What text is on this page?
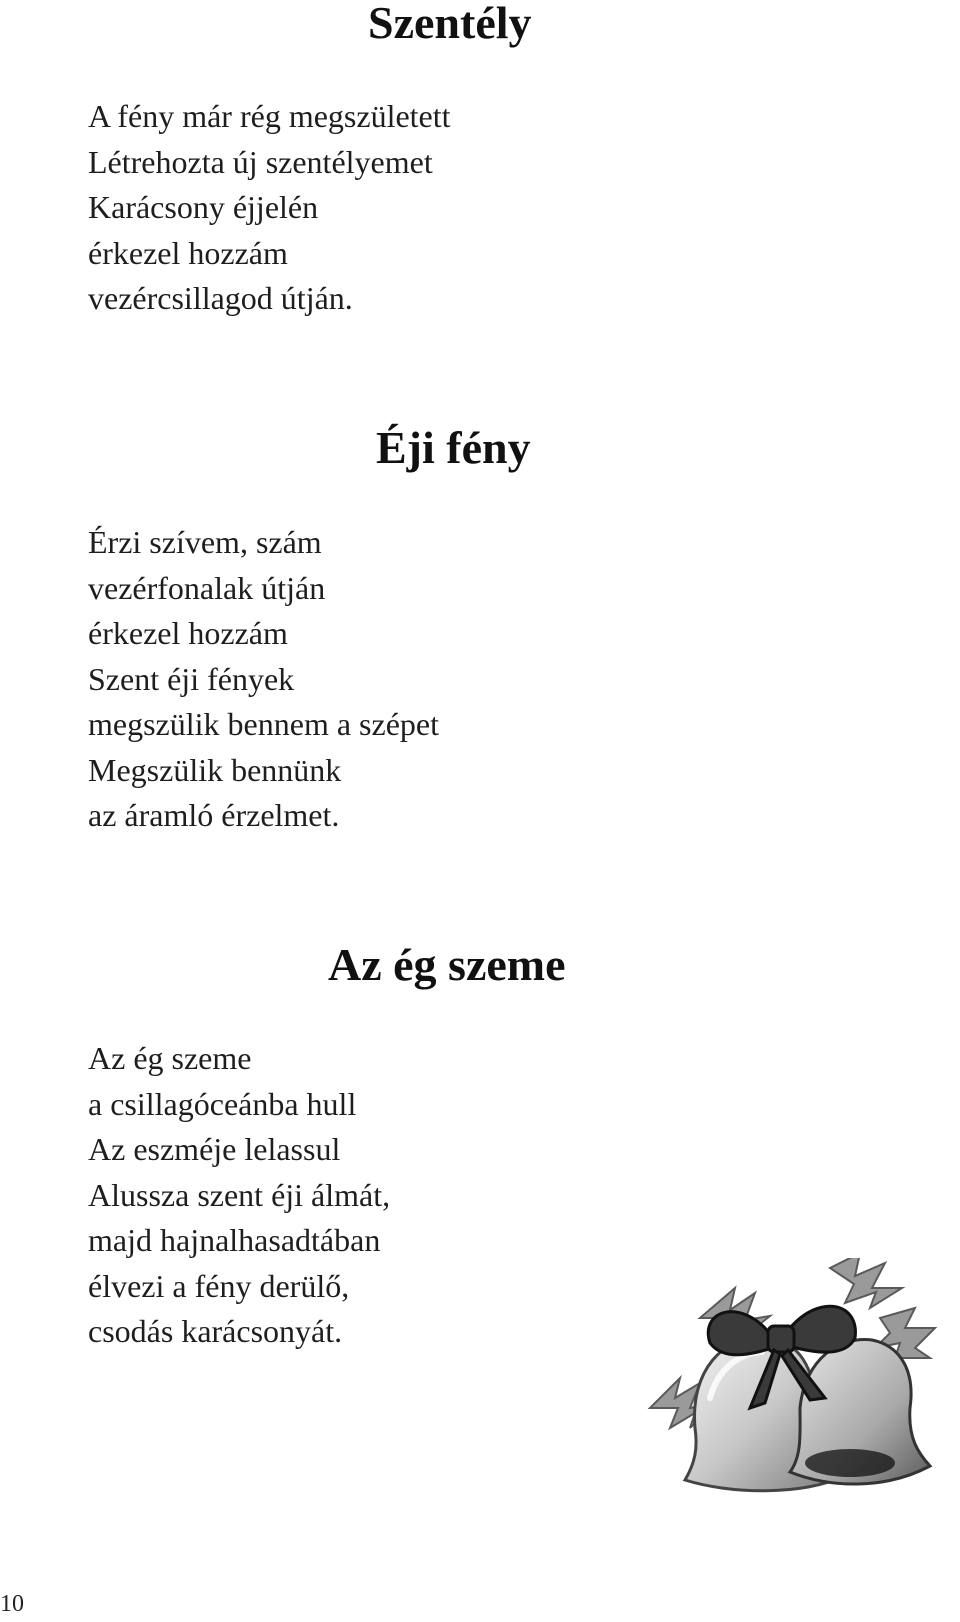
Szentély
A fény már rég megszületett
Létrehozta új szentélyemet
Karácsony éjjelén
érkezel hozzám
vezércsillagod útján.
Éji fény
Érzi szívem, szám
vezérfonalak útján
érkezel hozzám
Szent éji fények
megszülik bennem a szépet
Megszülik bennünk
az áramló érzelmet.
Az ég szeme
Az ég szeme
a csillagóceánba hull
Az eszméje lelassul
Alussza szent éji álmát,
majd hajnalhasadtában
élvezi a fény derülő,
csodás karácsonyát.
10
